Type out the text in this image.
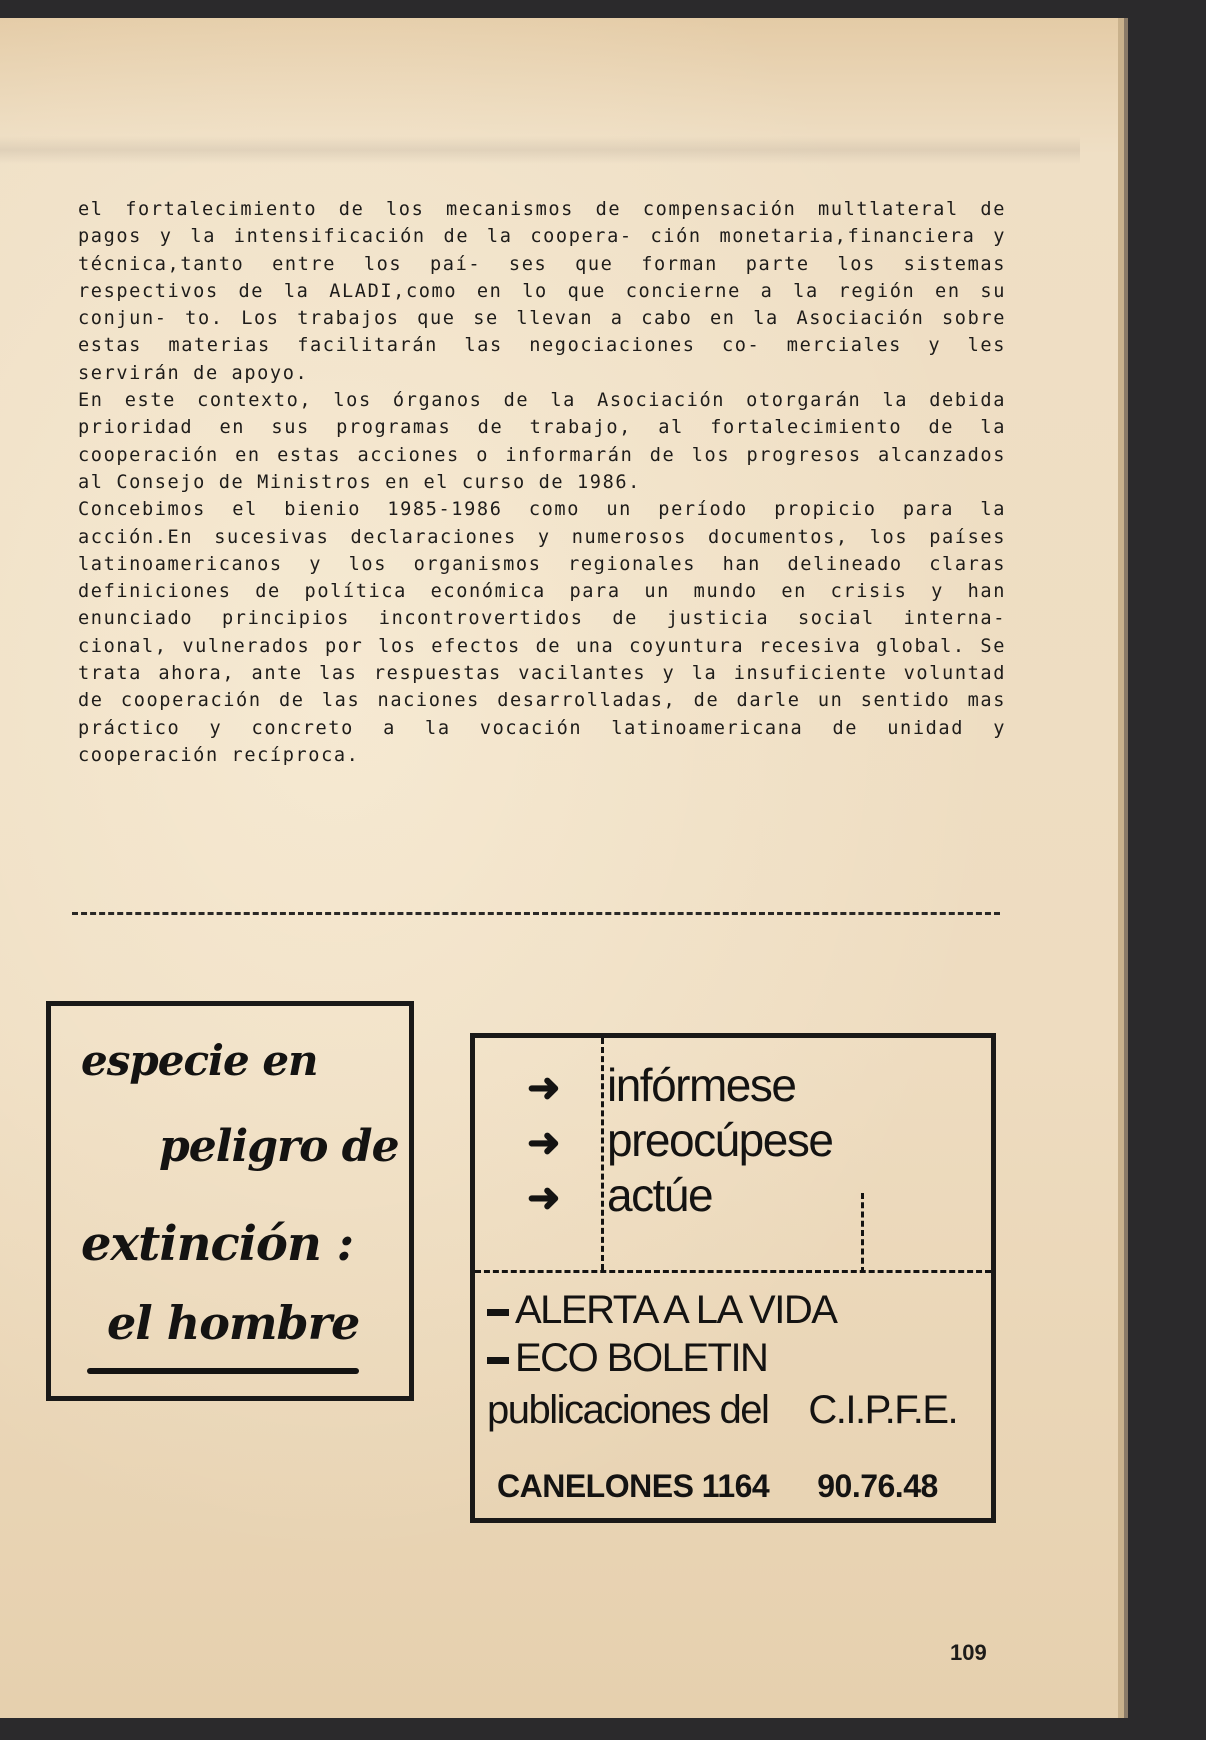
el fortalecimiento de los mecanismos de compensación multlateral de pagos y la intensificación de la coopera- ción monetaria,financiera y técnica,tanto entre los paí- ses que forman parte los sistemas respectivos de la ALADI,como en lo que concierne a la región en su conjun- to. Los trabajos que se llevan a cabo en la Asociación sobre estas materias facilitarán las negociaciones co- merciales y les servirán de apoyo.

En este contexto, los órganos de la Asociación otorgarán la debida prioridad en sus programas de trabajo, al fortalecimiento de la cooperación en estas acciones o informarán de los progresos alcanzados al Consejo de Ministros en el curso de 1986.

Concebimos el bienio 1985-1986 como un período propicio para la acción.En sucesivas declaraciones y numerosos documentos, los países latinoamericanos y los organismos regionales han delineado claras definiciones de política económica para un mundo en crisis y han enunciado principios incontrovertidos de justicia social interna- cional, vulnerados por los efectos de una coyuntura recesiva global. Se trata ahora, ante las respuestas vacilantes y la insuficiente voluntad de cooperación de las naciones desarrolladas, de darle un sentido mas práctico y concreto a la vocación latinoamericana de unidad y cooperación recíproca.

especie en
peligro de
extinción :
el hombre
➜ infórmese
➜ preocúpese
➜ actúe
ALERTA A LA VIDA
ECO BOLETIN
publicaciones del C.I.P.F.E.
CANELONES 1164 90.76.48
109
